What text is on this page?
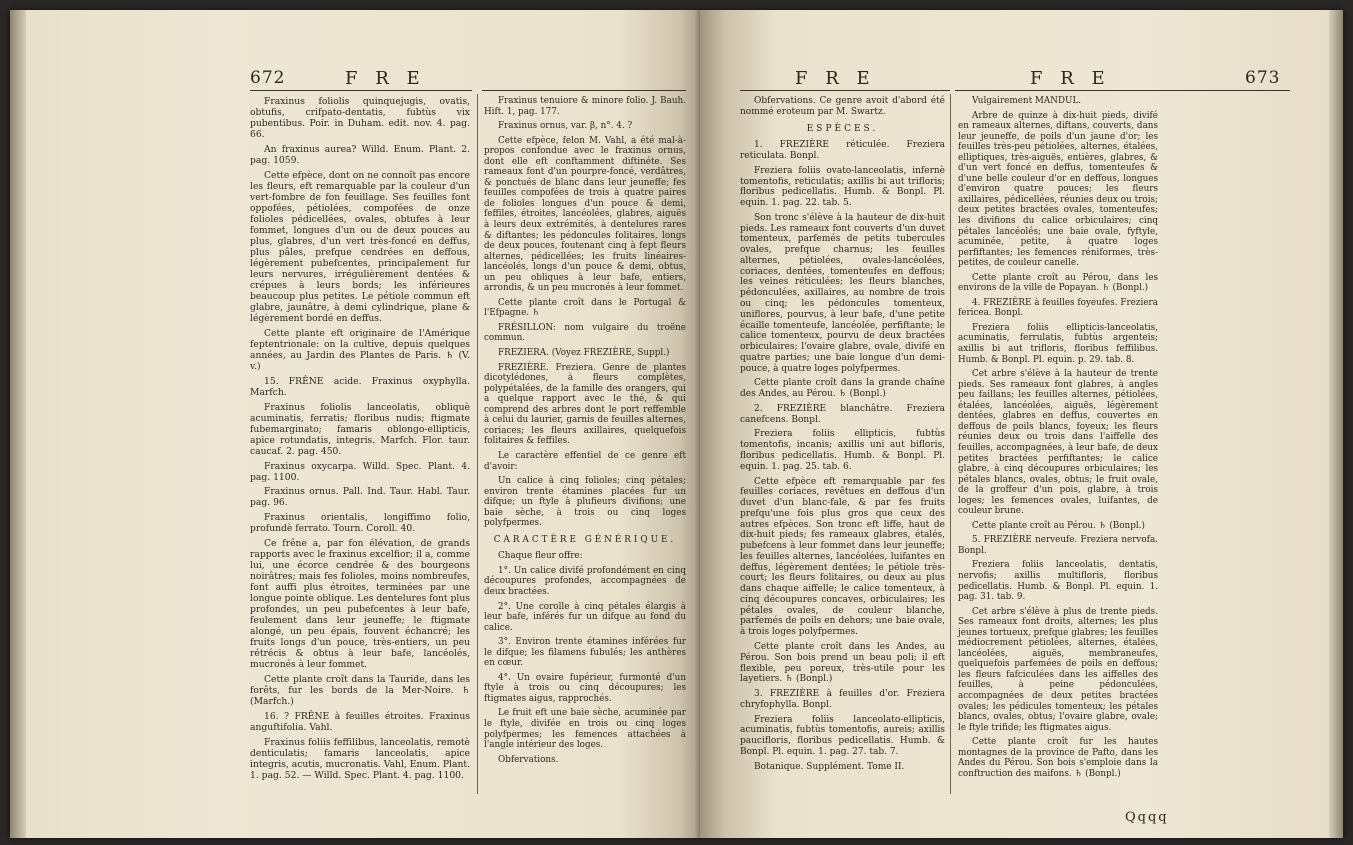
672	F R E

Fraxinus foliolis quinquejugis, ovatis, obtufis, crifpato-dentatis, fubtùs vix pubentibus. Poir. in Duham. edit. nov. 4. pag. 66.

An fraxinus aurea? Willd. Enum. Plant. 2. pag. 1059.

Cette efpèce, dont on ne connoît pas encore les fleurs, eft remarquable par la couleur d'un vert-fombre de fon feuillage. Ses feuilles font oppofées, pétiolées, compofées de onze folioles pédicellées, ovales, obtufes à leur fommet, longues d'un ou de deux pouces au plus, glabres, d'un vert très-foncé en deffus, plus pâles, prefque cendrées en deffous, légèrement pubefcentes, principalement fur leurs nervures, irrégulièrement dentées & crépues à leurs bords; les inférieures beaucoup plus petites. Le pétiole commun eft glabre, jaunâtre, à demi cylindrique, plane & légèrement bordé en deffus.

Cette plante eft originaire de l'Amérique feptentrionale: on la cultive, depuis quelques années, au Jardin des Plantes de Paris. ♄ (V. v.)

15. FRÊNE acide. Fraxinus oxyphylla. Marfch.

Fraxinus foliolis lanceolatis, obliquè acuminatis, ferratis; floribus nudis; ftigmate fubemarginato; famaris oblongo-ellipticis, apice rotundatis, integris. Marfch. Flor. taur. caucaf. 2. pag. 450.

Fraxinus oxycarpa. Willd. Spec. Plant. 4. pag. 1100.

Fraxinus ornus. Pall. Ind. Taur. Habl. Taur. pag. 96.

Fraxinus orientalis, longiffimo folio, profundè ferrato. Tourn. Coroll. 40.

Ce frêne a, par fon élévation, de grands rapports avec le fraxinus excelfior; il a, comme lui, une écorce cendrée & des bourgeons noirâtres; mais fes folioles, moins nombreufes, font auffi plus étroites, terminées par une longue pointe oblique. Les dentelures font plus profondes, un peu pubefcentes à leur bafe, feulement dans leur jeuneffe; le ftigmate alongé, un peu épais, fouvent échancré; les fruits longs d'un pouce, très-entiers, un peu rétrécis & obtus à leur bafe, lancéolés, mucronés à leur fommet.

Cette plante croît dans la Tauride, dans les forêts, fur les bords de la Mer-Noire. ♄ (Marfch.)

16. ? FRÊNE à feuilles étroites. Fraxinus anguftifolia. Vahl.

Fraxinus foliis feffilibus, lanceolatis, remotè denticulatis; famaris lanceolatis, apice integris, acutis, mucronatis. Vahl, Enum. Plant. 1. pag. 52. — Willd. Spec. Plant. 4. pag. 1100.

Fraxinus tenuiore & minore folio. J. Bauh. Hift. 1, pag. 177.

Fraxinus ornus, var. β, n°. 4. ?

Cette efpèce, felon M. Vahl, a été mal-à-propos confondue avec le fraxinus ornus, dont elle eft conftamment diftinéte. Ses rameaux font d'un pourpre-foncé, verdâtres, & ponctués de blanc dans leur jeuneffe; fes feuilles compofées de trois à quatre paires de folioles longues d'un pouce & demi, feffiles, étroites, lancéolées, glabres, aiguës à leurs deux extrémités, à dentelures rares & diftantes; les pédoncules folitaires, longs de deux pouces, foutenant cinq à fept fleurs alternes, pédicellées; les fruits linéaires-lancéolés, longs d'un pouce & demi, obtus, un peu obliques à leur bafe, entiers, arrondis, & un peu mucronés à leur fommet.

Cette plante croît dans le Portugal & l'Efpagne. ♄

FRÉSILLON: nom vulgaire du troëne commun.

FREZIERA. (Voyez FREZIÈRE, Suppl.)

FREZIÈRE. Freziera. Genre de plantes dicotylédones, à fleurs complètes, polypétalées, de la famille des orangers, qui a quelque rapport avec le thé, & qui comprend des arbres dont le port reffemble à celui du laurier, garnis de feuilles alternes, coriaces; les fleurs axillaires, quelquefois folitaires & feffiles.

Le caractère effentiel de ce genre eft d'avoir:

Un calice à cinq folioles; cinq pétales; environ trente étamines placées fur un difque; un ftyle à plufieurs divifions; une baie sèche, à trois ou cinq loges polyfpermes.

CARACTÈRE GÉNÉRIQUE.

Chaque fleur offre:

1°. Un calice divifé profondément en cinq découpures profondes, accompagnées de deux bractées.

2°. Une corolle à cinq pétales élargis à leur bafe, inférés fur un difque au fond du calice.

3°. Environ trente étamines inférées fur le difque; les filamens fubulés; les anthères en cœur.

4°. Un ovaire fupérieur, furmonté d'un ftyle à trois ou cinq découpures; les ftigmates aigus, rapprochés.

Le fruit eft une baie sèche, acuminée par le ftyle, divifée en trois ou cinq loges polyfpermes; les femences attachées à l'angle intérieur des loges.

Obfervations.

F R E	F R E	673

Obfervations. Ce genre avoit d'abord été nommé eroteum par M. Swartz.

ESPÈCES.

1. FREZIÈRE réticulée. Freziera reticulata. Bonpl.

Freziera foliis ovato-lanceolatis, infernè tomentofis, reticulatis; axillis bi aut trifloris; floribus pedicellatis. Humb. & Bonpl. Pl. equin. 1. pag. 22. tab. 5.

Son tronc s'élève à la hauteur de dix-huit pieds. Les rameaux font couverts d'un duvet tomenteux, parfemés de petits tubercules ovales, prefque charnus; les feuilles alternes, pétiolées, ovales-lancéolées, coriaces, dentées, tomenteufes en deffous; les veines réticulées; les fleurs blanches, pédonculées, axillaires, au nombre de trois ou cinq; les pédoncules tomenteux, uniflores, pourvus, à leur bafe, d'une petite écaille tomenteufe, lancéolée, perfiftante; le calice tomenteux, pourvu de deux bractées orbiculaires; l'ovaire glabre, ovale, divifé en quatre parties; une baie longue d'un demi-pouce, à quatre loges polyfpermes.

Cette plante croît dans la grande chaîne des Andes, au Pérou. ♄ (Bonpl.)

2. FREZIÈRE blanchâtre. Freziera canefcens. Bonpl.

Freziera foliis ellipticis, fubtùs tomentofis, incanis; axillis uni aut bifloris, floribus pedicellatis. Humb. & Bonpl. Pl. equin. 1. pag. 25. tab. 6.

Cette efpèce eft remarquable par fes feuilles coriaces, revêtues en deffous d'un duvet d'un blanc-fale, & par fes fruits prefqu'une fois plus gros que ceux des autres efpèces. Son tronc eft liffe, haut de dix-huit pieds; fes rameaux glabres, étalés, pubefcens à leur fommet dans leur jeuneffe; les feuilles alternes, lancéolées, luifantes en deffus, légèrement dentées; le pétiole très-court; les fleurs folitaires, ou deux au plus dans chaque aiffelle; le calice tomenteux, à cinq découpures concaves, orbiculaires; les pétales ovales, de couleur blanche, parfemés de poils en dehors; une baie ovale, à trois loges polyfpermes.

Cette plante croît dans les Andes, au Pérou. Son bois prend un beau poli; il eft flexible, peu poreux, très-utile pour les layetiers. ♄ (Bonpl.)

3. FREZIÈRE à feuilles d'or. Freziera chryfophylla. Bonpl.

Freziera foliis lanceolato-ellipticis, acuminatis, fubtùs tomentofis, aureis; axillis paucifloris, floribus pedicellatis. Humb. & Bonpl. Pl. equin. 1. pag. 27. tab. 7.

Botanique. Supplément. Tome II.

Vulgairement MANDUL.

Arbre de quinze à dix-huit pieds, divifé en rameaux alternes, diftans, couverts, dans leur jeuneffe, de poils d'un jaune d'or; les feuilles très-peu pétiolées, alternes, étalées, elliptiques, très-aiguës, entières, glabres, & d'un vert foncé en deffus, tomenteufes & d'une belle couleur d'or en deffous, longues d'environ quatre pouces; les fleurs axillaires, pédicellées, réunies deux ou trois; deux petites bractées ovales, tomenteufes; les divifions du calice orbiculaires; cinq pétales lancéolés; une baie ovale, fyftyle, acuminée, petite, à quatre loges perfiftantes; les femences réniformes, très-petites, de couleur canelle.

Cette plante croît au Pérou, dans les environs de la ville de Popayan. ♄ (Bonpl.)

4. FREZIÈRE à feuilles foyeufes. Freziera fericea. Bonpl.

Freziera foliis ellipticis-lanceolatis, acuminatis, ferrulatis, fubtùs argenteis; axillis bi aut trifloris, floribus feffilibus. Humb. & Bonpl. Pl. equin. p. 29. tab. 8.

Cet arbre s'élève à la hauteur de trente pieds. Ses rameaux font glabres, à angles peu faillans; les feuilles alternes, pétiolées, étalées, lancéolées, aiguës, légèrement dentées, glabres en deffus, couvertes en deffous de poils blancs, foyeux; les fleurs réunies deux ou trois dans l'aiffelle des feuilles, accompagnées, à leur bafe, de deux petites bractées perfiftantes; le calice glabre, à cinq découpures orbiculaires; les pétales blancs, ovales, obtus; le fruit ovale, de la groffeur d'un pois, glabre, à trois loges; les femences ovales, luifantes, de couleur brune.

Cette plante croît au Pérou. ♄ (Bonpl.)

5. FREZIÈRE nerveufe. Freziera nervofa. Bonpl.

Freziera foliis lanceolatis, dentatis, nervofis; axillis multifloris, floribus pedicellatis. Humb. & Bonpl. Pl. equin. 1. pag. 31. tab. 9.

Cet arbre s'élève à plus de trente pieds. Ses rameaux font droits, alternes; les plus jeunes tortueux, prefque glabres; les feuilles médiocrement pétiolées, alternes, étalées, lancéolées, aiguës, membraneufes, quelquefois parfemées de poils en deffous; les fleurs fafciculées dans les aiffelles des feuilles, à peine pédonculées, accompagnées de deux petites bractées ovales; les pédicules tomenteux; les pétales blancs, ovales, obtus; l'ovaire glabre, ovale; le ftyle trifide; les ftigmates aigus.

Cette plante croît fur les hautes montagnes de la province de Pafto, dans les Andes du Pérou. Son bois s'emploie dans la conftruction des maifons. ♄ (Bonpl.)

Qqqq
